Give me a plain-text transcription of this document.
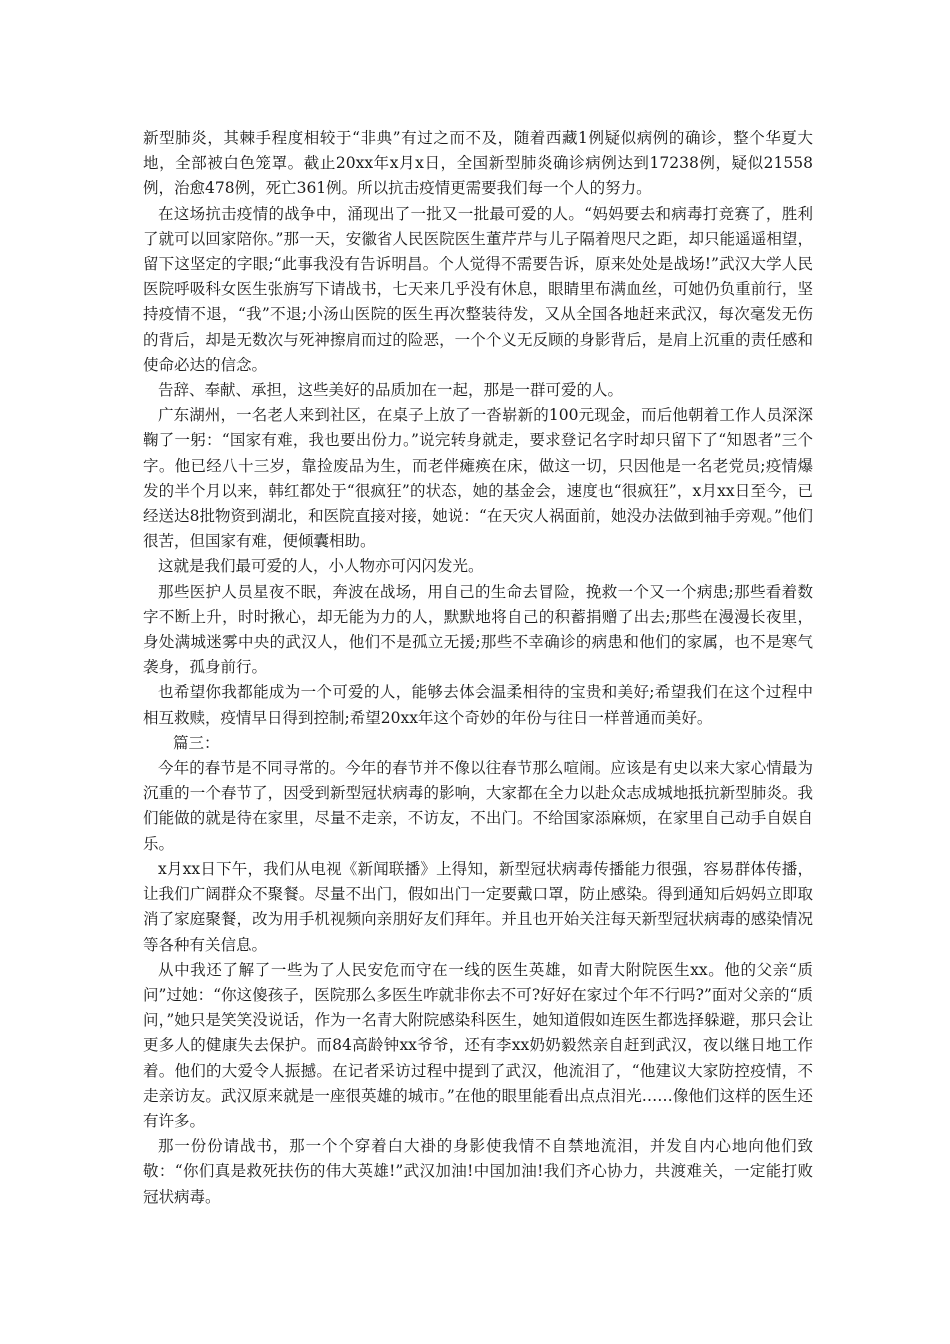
新型肺炎，其棘手程度相较于“非典”有过之而不及，随着西藏1例疑似病例的确诊，整个华夏大地，全部被白色笼罩。截止20xx年x月x日，全国新型肺炎确诊病例达到17238例，疑似21558例，治愈478例，死亡361例。所以抗击疫情更需要我们每一个人的努力。

在这场抗击疫情的战争中，涌现出了一批又一批最可爱的人。“妈妈要去和病毒打竞赛了，胜利了就可以回家陪你。”那一天，安徽省人民医院医生董芹芹与儿子隔着咫尺之距，却只能遥遥相望，留下这坚定的字眼;“此事我没有告诉明昌。个人觉得不需要告诉，原来处处是战场!”武汉大学人民医院呼吸科女医生张旃写下请战书，七天来几乎没有休息，眼睛里布满血丝，可她仍负重前行，坚持疫情不退，“我”不退;小汤山医院的医生再次整装待发，又从全国各地赶来武汉，每次毫发无伤的背后，却是无数次与死神擦肩而过的险恶，一个个义无反顾的身影背后，是肩上沉重的责任感和使命必达的信念。

告辞、奉献、承担，这些美好的品质加在一起，那是一群可爱的人。

广东湖州，一名老人来到社区，在桌子上放了一沓崭新的100元现金，而后他朝着工作人员深深鞠了一躬：“国家有难，我也要出份力。”说完转身就走，要求登记名字时却只留下了“知恩者”三个字。他已经八十三岁，靠捡废品为生，而老伴瘫痪在床，做这一切，只因他是一名老党员;疫情爆发的半个月以来，韩红都处于“很疯狂”的状态，她的基金会，速度也“很疯狂”，x月xx日至今，已经送达8批物资到湖北，和医院直接对接，她说：“在天灾人祸面前，她没办法做到袖手旁观。”他们很苦，但国家有难，便倾囊相助。

这就是我们最可爱的人，小人物亦可闪闪发光。

那些医护人员星夜不眠，奔波在战场，用自己的生命去冒险，挽救一个又一个病患;那些看着数字不断上升，时时揪心，却无能为力的人，默默地将自己的积蓄捐赠了出去;那些在漫漫长夜里，身处满城迷雾中央的武汉人，他们不是孤立无援;那些不幸确诊的病患和他们的家属，也不是寒气袭身，孤身前行。

也希望你我都能成为一个可爱的人，能够去体会温柔相待的宝贵和美好;希望我们在这个过程中相互救赎，疫情早日得到控制;希望20xx年这个奇妙的年份与往日一样普通而美好。

篇三：

今年的春节是不同寻常的。今年的春节并不像以往春节那么喧闹。应该是有史以来大家心情最为沉重的一个春节了，因受到新型冠状病毒的影响，大家都在全力以赴众志成城地抵抗新型肺炎。我们能做的就是待在家里，尽量不走亲，不访友，不出门。不给国家添麻烦，在家里自己动手自娱自乐。

x月xx日下午，我们从电视《新闻联播》上得知，新型冠状病毒传播能力很强，容易群体传播，让我们广阔群众不聚餐。尽量不出门，假如出门一定要戴口罩，防止感染。得到通知后妈妈立即取消了家庭聚餐，改为用手机视频向亲朋好友们拜年。并且也开始关注每天新型冠状病毒的感染情况等各种有关信息。

从中我还了解了一些为了人民安危而守在一线的医生英雄，如青大附院医生xx。他的父亲“质问”过她：“你这傻孩子，医院那么多医生咋就非你去不可?好好在家过个年不行吗?”面对父亲的“质问，”她只是笑笑没说话，作为一名青大附院感染科医生，她知道假如连医生都选择躲避，那只会让更多人的健康失去保护。而84高龄钟xx爷爷，还有李xx奶奶毅然亲自赶到武汉，夜以继日地工作着。他们的大爱令人振撼。在记者采访过程中提到了武汉，他流泪了，“他建议大家防控疫情，不走亲访友。武汉原来就是一座很英雄的城市。”在他的眼里能看出点点泪光……像他们这样的医生还有许多。

那一份份请战书，那一个个穿着白大褂的身影使我情不自禁地流泪，并发自内心地向他们致敬：“你们真是救死扶伤的伟大英雄!”武汉加油!中国加油!我们齐心协力，共渡难关，一定能打败冠状病毒。
